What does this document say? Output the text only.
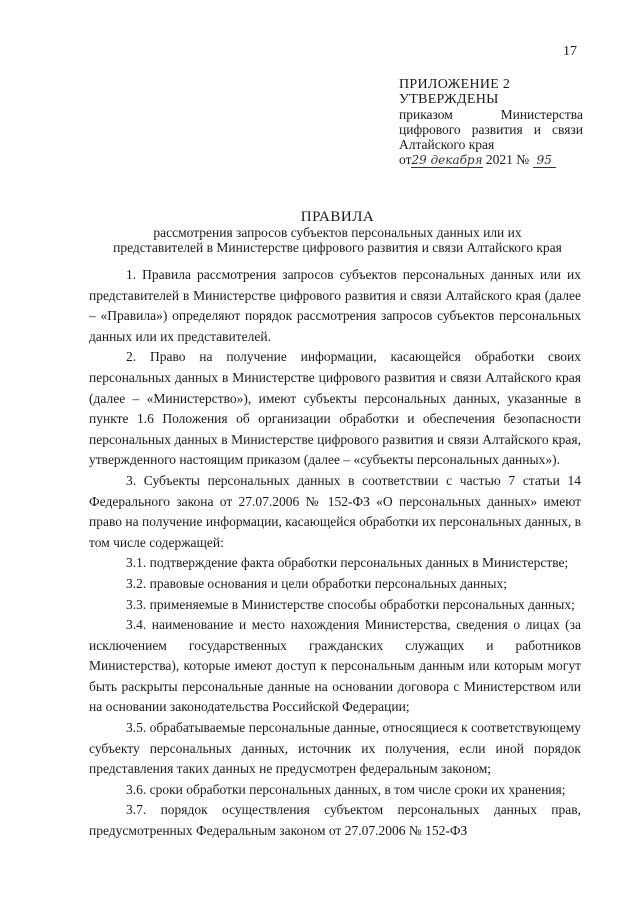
17
ПРИЛОЖЕНИЕ 2
УТВЕРЖДЕНЫ
приказом Министерства
цифрового развития и связи
Алтайского края
от29 декабря 2021 № 95
ПРАВИЛА
рассмотрения запросов субъектов персональных данных или их
представителей в Министерстве цифрового развития и связи Алтайского края

1. Правила рассмотрения запросов субъектов персональных данных или их представителей в Министерстве цифрового развития и связи Алтайского края (далее – «Правила») определяют порядок рассмотрения запросов субъектов персональных данных или их представителей.

2. Право на получение информации, касающейся обработки своих персональных данных в Министерстве цифрового развития и связи Алтайского края (далее – «Министерство»), имеют субъекты персональных данных, указанные в пункте 1.6 Положения об организации обработки и обеспечения безопасности персональных данных в Министерстве цифрового развития и связи Алтайского края, утвержденного настоящим приказом (далее – «субъекты персональных данных»).

3. Субъекты персональных данных в соответствии с частью 7 статьи 14 Федерального закона от 27.07.2006 № 152-ФЗ «О персональных данных» имеют право на получение информации, касающейся обработки их персональных данных, в том числе содержащей:

3.1. подтверждение факта обработки персональных данных в Министерстве;

3.2. правовые основания и цели обработки персональных данных;

3.3. применяемые в Министерстве способы обработки персональных данных;

3.4. наименование и место нахождения Министерства, сведения о лицах (за исключением государственных гражданских служащих и работников Министерства), которые имеют доступ к персональным данным или которым могут быть раскрыты персональные данные на основании договора с Министерством или на основании законодательства Российской Федерации;

3.5. обрабатываемые персональные данные, относящиеся к соответствующему субъекту персональных данных, источник их получения, если иной порядок представления таких данных не предусмотрен федеральным законом;

3.6. сроки обработки персональных данных, в том числе сроки их хранения;

3.7. порядок осуществления субъектом персональных данных прав, предусмотренных Федеральным законом от 27.07.2006 № 152-ФЗ
